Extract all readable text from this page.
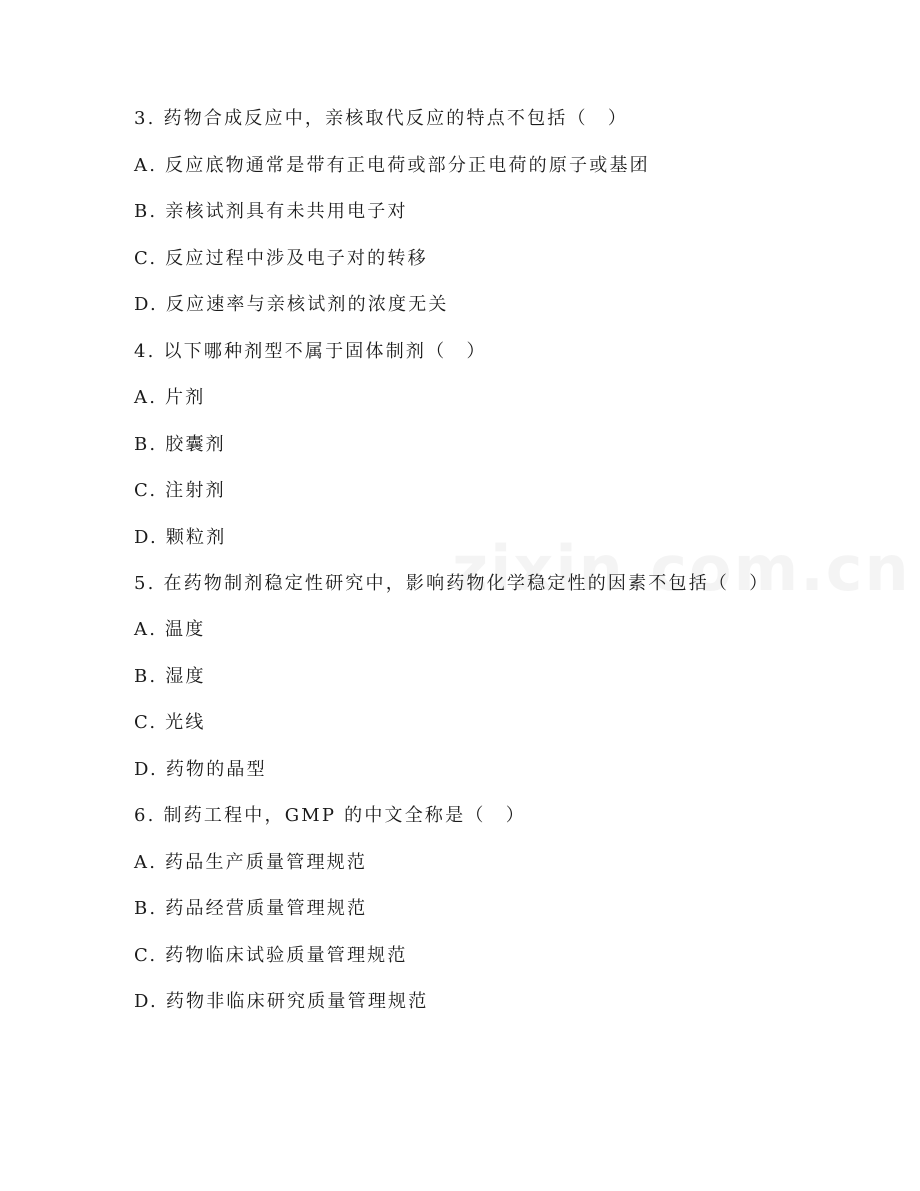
3. 药物合成反应中，亲核取代反应的特点不包括（　）
A. 反应底物通常是带有正电荷或部分正电荷的原子或基团
B. 亲核试剂具有未共用电子对
C. 反应过程中涉及电子对的转移
D. 反应速率与亲核试剂的浓度无关
4. 以下哪种剂型不属于固体制剂（　）
A. 片剂
B. 胶囊剂
C. 注射剂
D. 颗粒剂
5. 在药物制剂稳定性研究中，影响药物化学稳定性的因素不包括（　）
A. 温度
B. 湿度
C. 光线
D. 药物的晶型
6. 制药工程中，GMP 的中文全称是（　）
A. 药品生产质量管理规范
B. 药品经营质量管理规范
C. 药物临床试验质量管理规范
D. 药物非临床研究质量管理规范
